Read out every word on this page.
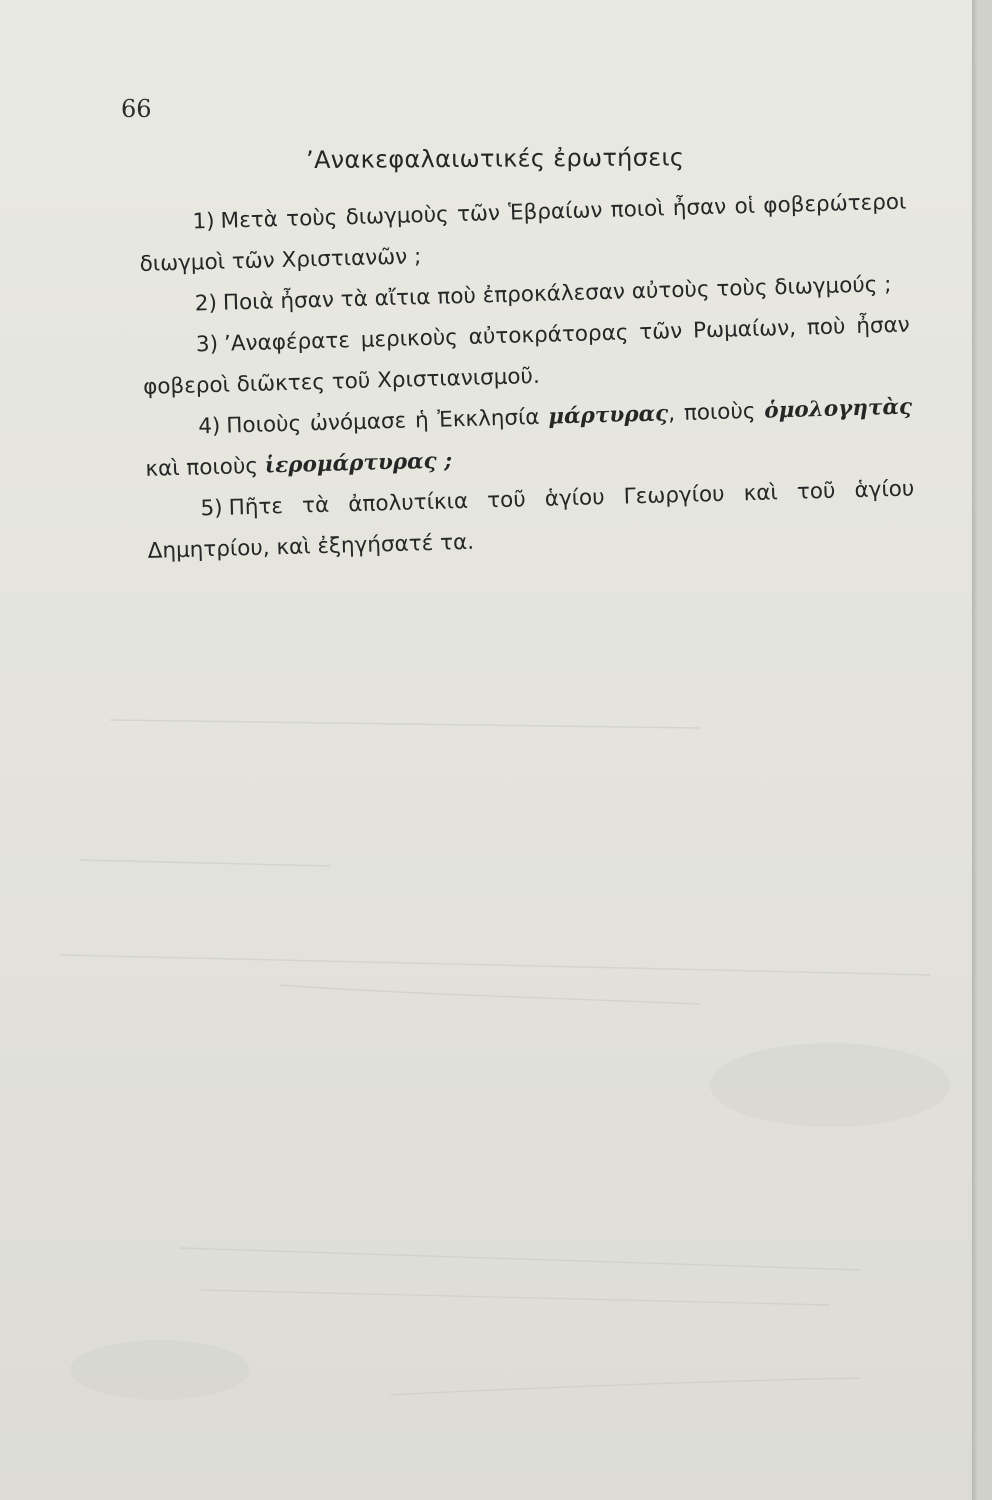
66
’Ανακεφαλαιωτικές ἐρωτήσεις

1) Μετὰ τοὺς διωγμοὺς τῶν Ἑβραίων ποιοὶ ἦσαν οἱ φοβερώτεροι διωγμοὶ τῶν Χριστιανῶν ;

2) Ποιὰ ἦσαν τὰ αἴτια ποὺ ἐπροκάλεσαν αὐτοὺς τοὺς διωγμούς ;

3) ’Αναφέρατε μερικοὺς αὐτοκράτορας τῶν Ρωμαίων, ποὺ ἦσαν φοβεροὶ διῶκτες τοῦ Χριστιανισμοῦ.

4) Ποιοὺς ὠνόμασε ἡ Ἐκκλησία μάρτυρας, ποιοὺς ὁμολογητὰς καὶ ποιοὺς ἱερομάρτυρας ;

5) Πῆτε τὰ ἀπολυτίκια τοῦ ἁγίου Γεωργίου καὶ τοῦ ἁγίου Δημητρίου, καὶ ἐξηγήσατέ τα.
